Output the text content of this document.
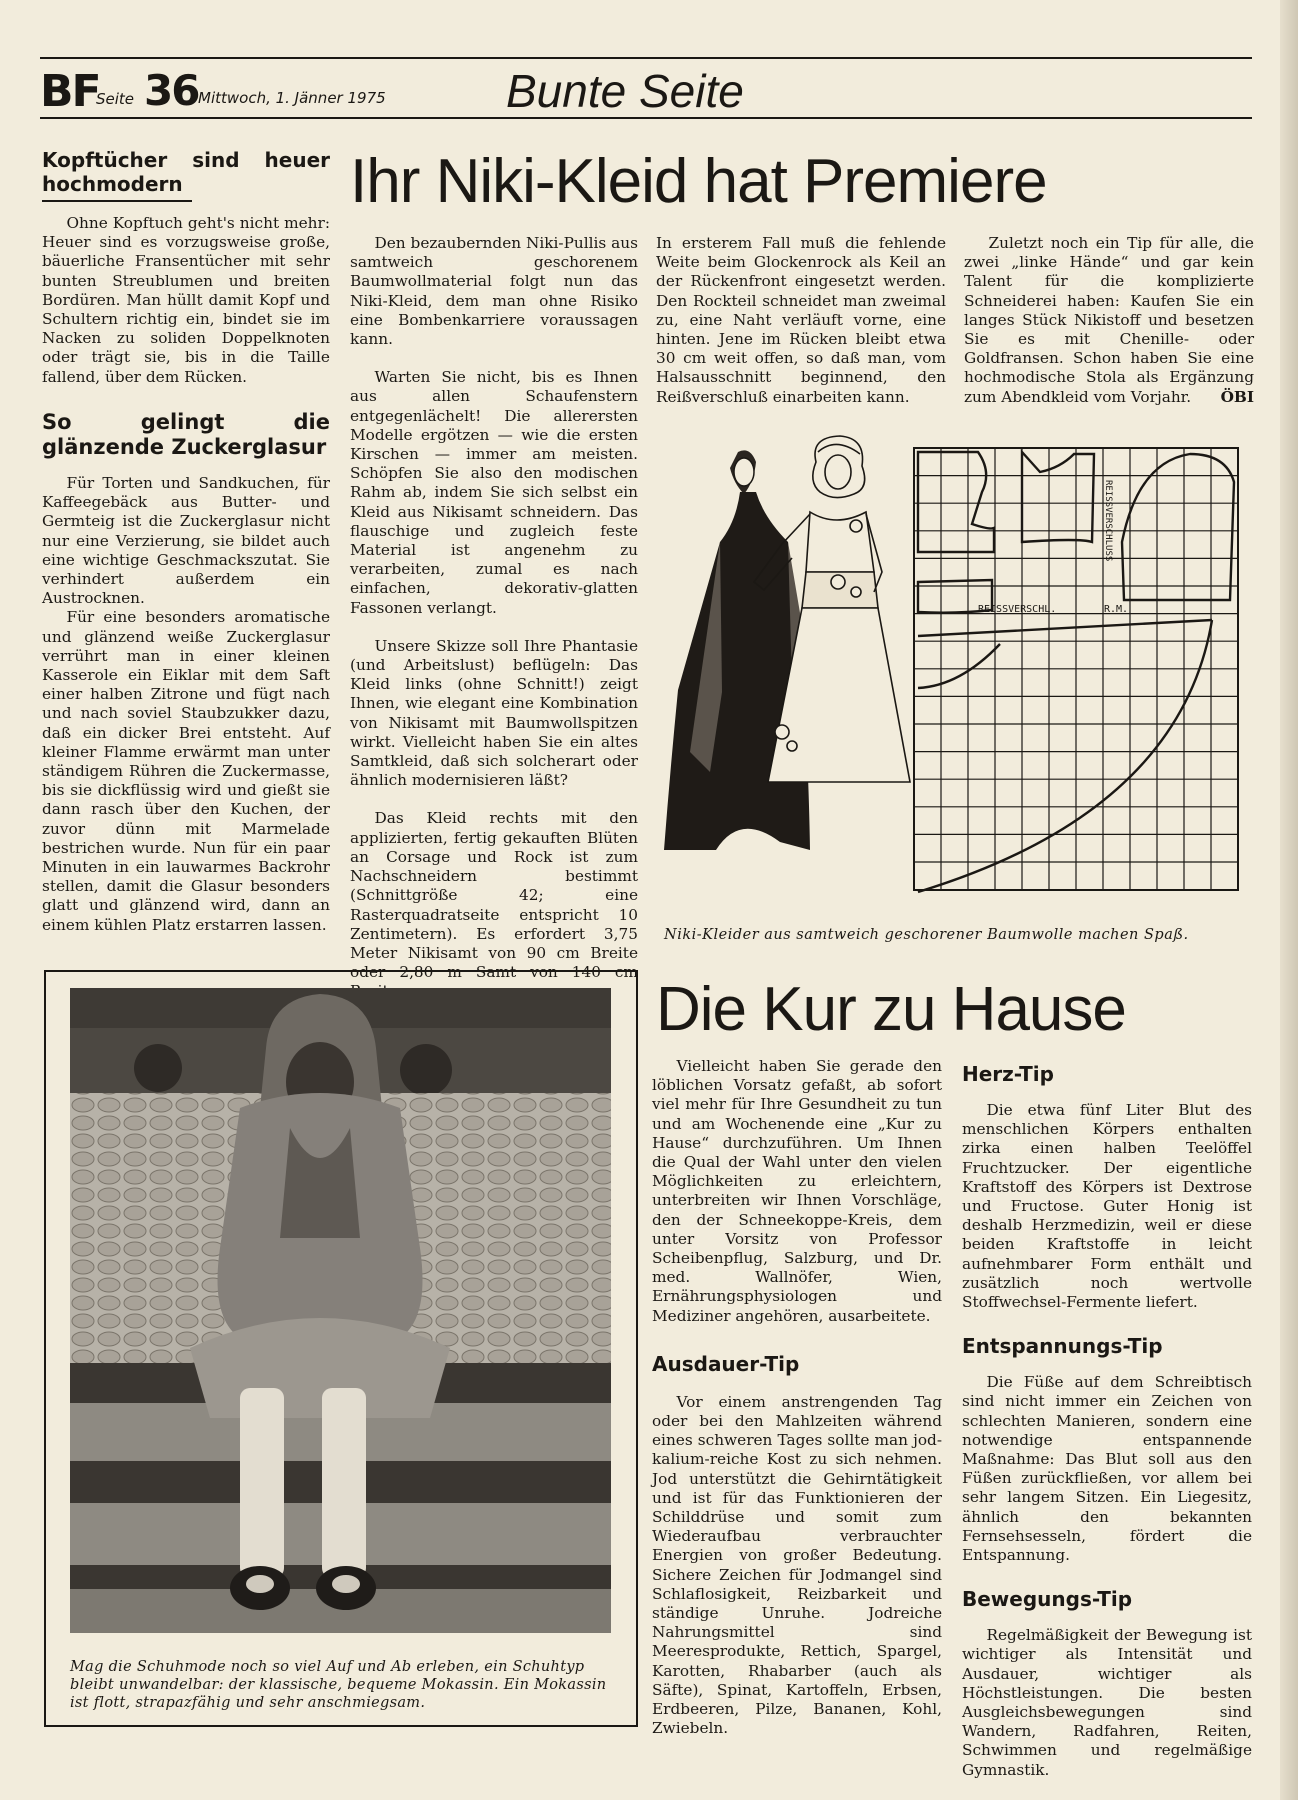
BF
Seite 36 Mittwoch, 1. Jänner 1975	Bunte Seite
Kopftücher sind heuer hochmodern

Ohne Kopftuch geht's nicht mehr: Heuer sind es vorzugsweise große, bäuerliche Fransentücher mit sehr bunten Streublumen und breiten Bordüren. Man hüllt damit Kopf und Schultern richtig ein, bindet sie im Nacken zu soliden Doppelknoten oder trägt sie, bis in die Taille fallend, über dem Rücken.

So gelingt die glänzende Zuckerglasur

Für Torten und Sandkuchen, für Kaffeegebäck aus Butter- und Germteig ist die Zuckerglasur nicht nur eine Verzierung, sie bildet auch eine wichtige Geschmackszutat. Sie verhindert außerdem ein Austrocknen.

Für eine besonders aromatische und glänzend weiße Zuckerglasur verrührt man in einer kleinen Kasserole ein Eiklar mit dem Saft einer halben Zitrone und fügt nach und nach soviel Staubzukker dazu, daß ein dicker Brei entsteht. Auf kleiner Flamme erwärmt man unter ständigem Rühren die Zuckermasse, bis sie dickflüssig wird und gießt sie dann rasch über den Kuchen, der zuvor dünn mit Marmelade bestrichen wurde. Nun für ein paar Minuten in ein lauwarmes Backrohr stellen, damit die Glasur besonders glatt und glänzend wird, dann an einem kühlen Platz erstarren lassen.

Ihr Niki-Kleid hat Premiere

Den bezaubernden Niki-Pullis aus samtweich geschorenem Baumwollmaterial folgt nun das Niki-Kleid, dem man ohne Risiko eine Bombenkarriere voraussagen kann.

Warten Sie nicht, bis es Ihnen aus allen Schaufenstern entgegenlächelt! Die allerersten Modelle ergötzen — wie die ersten Kirschen — immer am meisten. Schöpfen Sie also den modischen Rahm ab, indem Sie sich selbst ein Kleid aus Nikisamt schneidern. Das flauschige und zugleich feste Material ist angenehm zu verarbeiten, zumal es nach einfachen, dekorativ-glatten Fassonen verlangt.

Unsere Skizze soll Ihre Phantasie (und Arbeitslust) beflügeln: Das Kleid links (ohne Schnitt!) zeigt Ihnen, wie elegant eine Kombination von Nikisamt mit Baumwollspitzen wirkt. Vielleicht haben Sie ein altes Samtkleid, daß sich solcherart oder ähnlich modernisieren läßt?

Das Kleid rechts mit den applizierten, fertig gekauften Blüten an Corsage und Rock ist zum Nachschneidern bestimmt (Schnittgröße 42; eine Rasterquadratseite entspricht 10 Zentimetern). Es erfordert 3,75 Meter Nikisamt von 90 cm Breite oder 2,80 m Samt von 140 cm

In ersterem Fall muß die fehlende Weite beim Glockenrock als Keil an der Rückenfront eingesetzt werden. Den Rockteil schneidet man zweimal zu, eine Naht verläuft vorne, eine hinten. Jene im Rücken bleibt etwa 30 cm weit offen, so daß man, vom Halsausschnitt beginnend, den Reißverschluß einarbeiten kann.

Zuletzt noch ein Tip für alle, die zwei „linke Hände“ und gar kein Talent für die komplizierte Schneiderei haben: Kaufen Sie ein langes Stück Nikistoff und besetzen Sie es mit Chenille- oder Goldfransen. Schon haben Sie eine hochmodische Stola als Ergänzung zum Abendkleid vom Vorjahr.	ÖBI
REISSVERSCHLUSS
REISSVERSCHL.	R.M.
Niki-Kleider aus samtweich geschorener Baumwolle machen Spaß.
Mag die Schuhmode noch so viel Auf und Ab erleben, ein Schuhtyp bleibt unwandelbar: der klassische, bequeme Mokassin. Ein Mokassin ist flott, strapazfähig und sehr anschmiegsam.
Die Kur zu Hause

Vielleicht haben Sie gerade den löblichen Vorsatz gefaßt, ab sofort viel mehr für Ihre Gesundheit zu tun und am Wochenende eine „Kur zu Hause“ durchzuführen. Um Ihnen die Qual der Wahl unter den vielen Möglichkeiten zu erleichtern, unterbreiten wir Ihnen Vorschläge, den der Schneekoppe-Kreis, dem unter Vorsitz von Professor Scheibenpflug, Salzburg, und Dr. med. Wallnöfer, Wien, Ernährungsphysiologen und Mediziner angehören, ausarbeitete.

Ausdauer-Tip

Vor einem anstrengenden Tag oder bei den Mahlzeiten während eines schweren Tages sollte man jod-kalium-reiche Kost zu sich nehmen. Jod unterstützt die Gehirntätigkeit und ist für das Funktionieren der Schilddrüse und somit zum Wiederaufbau verbrauchter Energien von großer Bedeutung. Sichere Zeichen für Jodmangel sind Schlaflosigkeit, Reizbarkeit und ständige Unruhe. Jodreiche Nahrungsmittel sind Meeresprodukte, Rettich, Spargel, Karotten, Rhabarber (auch als Säfte), Spinat, Kartoffeln, Erbsen, Erdbeeren, Pilze, Bananen, Kohl, Zwiebeln.

Herz-Tip

Die etwa fünf Liter Blut des menschlichen Körpers enthalten zirka einen halben Teelöffel Fruchtzucker. Der eigentliche Kraftstoff des Körpers ist Dextrose und Fructose. Guter Honig ist deshalb Herzmedizin, weil er diese beiden Kraftstoffe in leicht aufnehmbarer Form enthält und zusätzlich noch wertvolle Stoffwechsel-Fermente liefert.

Entspannungs-Tip

Die Füße auf dem Schreibtisch sind nicht immer ein Zeichen von schlechten Manieren, sondern eine notwendige entspannende Maßnahme: Das Blut soll aus den Füßen zurückfließen, vor allem bei sehr langem Sitzen. Ein Liegesitz, ähnlich den bekannten Fernsehsesseln, fördert die Entspannung.

Bewegungs-Tip

Regelmäßigkeit der Bewegung ist wichtiger als Intensität und Ausdauer, wichtiger als Höchstleistungen. Die besten Ausgleichsbewegungen sind Wandern, Radfahren, Reiten, Schwimmen und regelmäßige Gymnastik.
